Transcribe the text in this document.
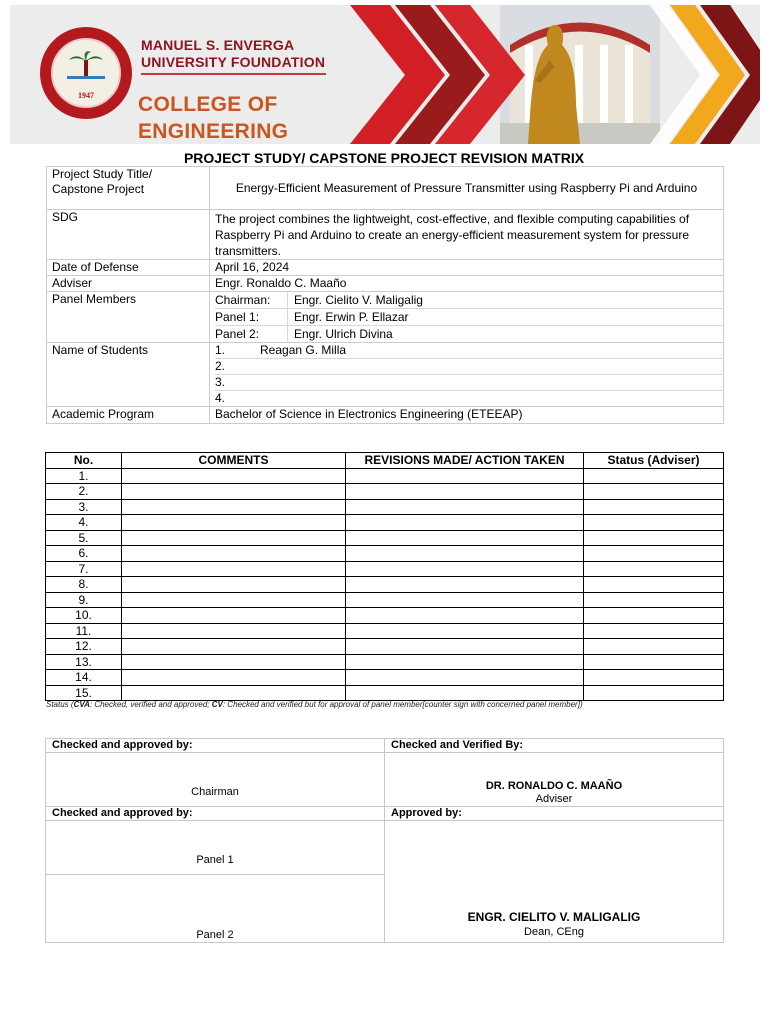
1947
MANUEL S. ENVERGA
UNIVERSITY FOUNDATION
COLLEGE OF
ENGINEERING
PROJECT STUDY/ CAPSTONE PROJECT REVISION MATRIX
Project Study Title/
Capstone Project	Energy-Efficient Measurement of Pressure Transmitter using Raspberry Pi and Arduino
SDG	The project combines the lightweight, cost-effective, and flexible computing capabilities of Raspberry Pi and Arduino to create an energy-efficient measurement system for pressure transmitters.
Date of Defense	April 16, 2024
Adviser	Engr. Ronaldo C. Maaño
Panel Members		Chairman:	Engr. Cielito V. Maligalig
Panel 1:	Engr. Erwin P. Ellazar
Panel 2:	Engr. Ulrich Divina

Name of Students		1.	Reagan G. Milla
2.	
3.	
4.	

Academic Program	Bachelor of Science in Electronics Engineering (ETEEAP)
No.	COMMENTS	REVISIONS MADE/ ACTION TAKEN	Status (Adviser)
1.			
2.			
3.			
4.			
5.			
6.			
7.			
8.			
9.			
10.			
11.			
12.			
13.			
14.			
15.			
Status (CVA: Checked, verified and approved; CV: Checked and verified but for approval of panel member[counter sign with concerned panel member])
Checked and approved by:	Checked and Verified By:

Chairman	DR. RONALDO C. MAAÑO
Adviser

Checked and approved by:	Approved by:

Panel 1	ENGR. CIELITO V. MALIGALIG
Dean, CEng

Panel 2	
